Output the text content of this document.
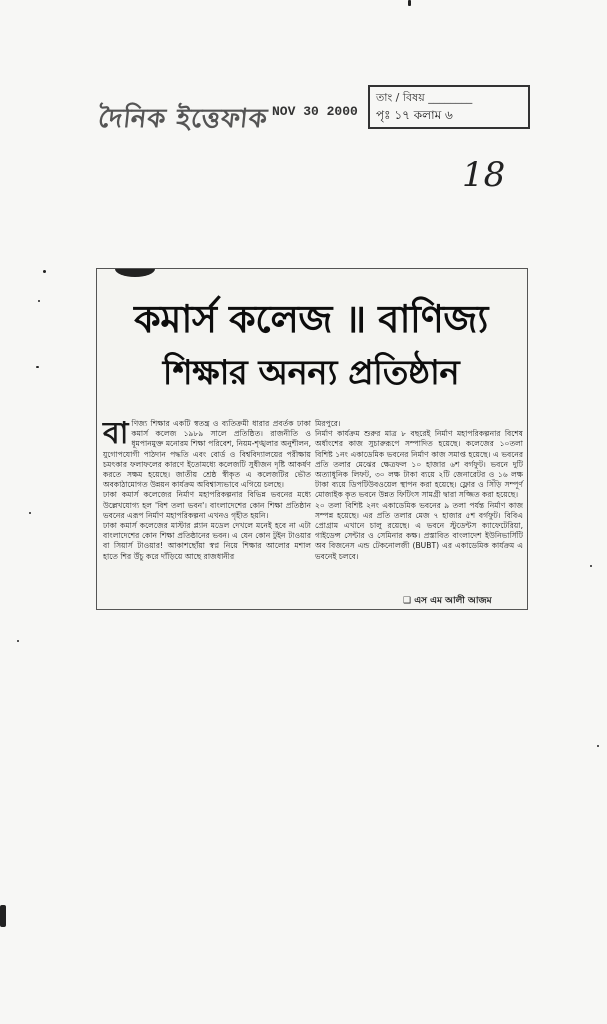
দৈনিক ইত্তেফাক NOV 30 2000
তাং / বিষয় ________
পৃঃ ১৭ কলাম ৬
18
কমার্স কলেজ ॥ বাণিজ্য
শিক্ষার অনন্য প্রতিষ্ঠান
বা ণিজ্য শিক্ষার একটি স্বতন্ত্র ও ব্যতিক্রমী ধারার প্রবর্তক ঢাকা কমার্স কলেজ ১৯৮৯ সালে প্রতিষ্ঠিত। রাজনীতি ও ধূমপানমুক্ত মনোরম শিক্ষা পরিবেশ, নিয়ম-শৃঙ্খলার অনুশীলন, যুগোপযোগী পাঠদান পদ্ধতি এবং বোর্ড ও বিশ্ববিদ্যালয়ের পরীক্ষায় চমৎকার ফলাফলের কারণে ইতোমধ্যে কলেজটি সুধীজন দৃষ্টি আকর্ষণ করতে সক্ষম হয়েছে। জাতীয় শ্রেষ্ঠ স্বীকৃত এ কলেজটির ভৌত অবকাঠামোগত উন্নয়ন কার্যক্রম অবিশ্বাস্যভাবে এগিয়ে চলছে।

ঢাকা কমার্স কলেজের নির্মাণ মহাপরিকল্পনার বিভিন্ন ভবনের মধ্যে উল্লেখযোগ্য হল 'বিশ তলা ভবন'। বাংলাদেশের কোন শিক্ষা প্রতিষ্ঠান ভবনের এরূপ নির্মাণ মহাপরিকল্পনা এখনও গৃহীত হয়নি।

ঢাকা কমার্স কলেজের মাস্টার প্ল্যান মডেল দেখলে মনেই হবে না এটা বাংলাদেশের কোন শিক্ষা প্রতিষ্ঠানের ভবন। এ যেন কোন টুইন টাওয়ার বা সিয়ার্স টাওয়ার! আকাশছোঁয়া স্বপ্ন নিয়ে শিক্ষার আলোর মশাল হাতে শির উঁচু করে দাঁড়িয়ে আছে রাজধানীর

মিরপুরে।

নির্মাণ কার্যক্রম শুরুর মাত্র ৮ বছরেই নির্মাণ মহাপরিকল্পনার বিশেষ অর্ধাংশের কাজ সুচারুরূপে সম্পাদিত হয়েছে। কলেজের ১০তলা বিশিষ্ট ১নং একাডেমিক ভবনের নির্মাণ কাজ সমাপ্ত হয়েছে। এ ভবনের প্রতি তলার মেঝের ক্ষেত্রফল ১০ হাজার ৬শ বর্গফুট। ভবনে দুটি অত্যাধুনিক লিফট, ৩০ লক্ষ টাকা ব্যয়ে ২টি জেনারেটর ও ১৬ লক্ষ টাকা ব্যয়ে ডিপটিউবওয়েল স্থাপন করা হয়েছে। ফ্লোর ও সিঁড়ি সম্পূর্ণ মোজাইক কৃত ভবনে উন্নত ফিটিংস সামগ্রী দ্বারা সজ্জিত করা হয়েছে।

২০ তলা বিশিষ্ট ২নং একাডেমিক ভবনের ৯ তলা পর্যন্ত নির্মাণ কাজ সম্পন্ন হয়েছে। এর প্রতি তলার মেজ ৭ হাজার ৫শ বর্গফুট। বিবিএ প্রোগ্রাম এখানে চালু রয়েছে। এ ভবনে স্টুডেন্টস ক্যাফেটেরিয়া, গাইডেন্স সেন্টার ও সেমিনার কক্ষ। প্রস্তাবিত বাংলাদেশ ইউনিভার্সিটি অব বিজনেস এন্ড টেকনোলজী (BUBT) এর একাডেমিক কার্যক্রম এ ভবনেই চলবে।

❑ এস এম আলী আজম
